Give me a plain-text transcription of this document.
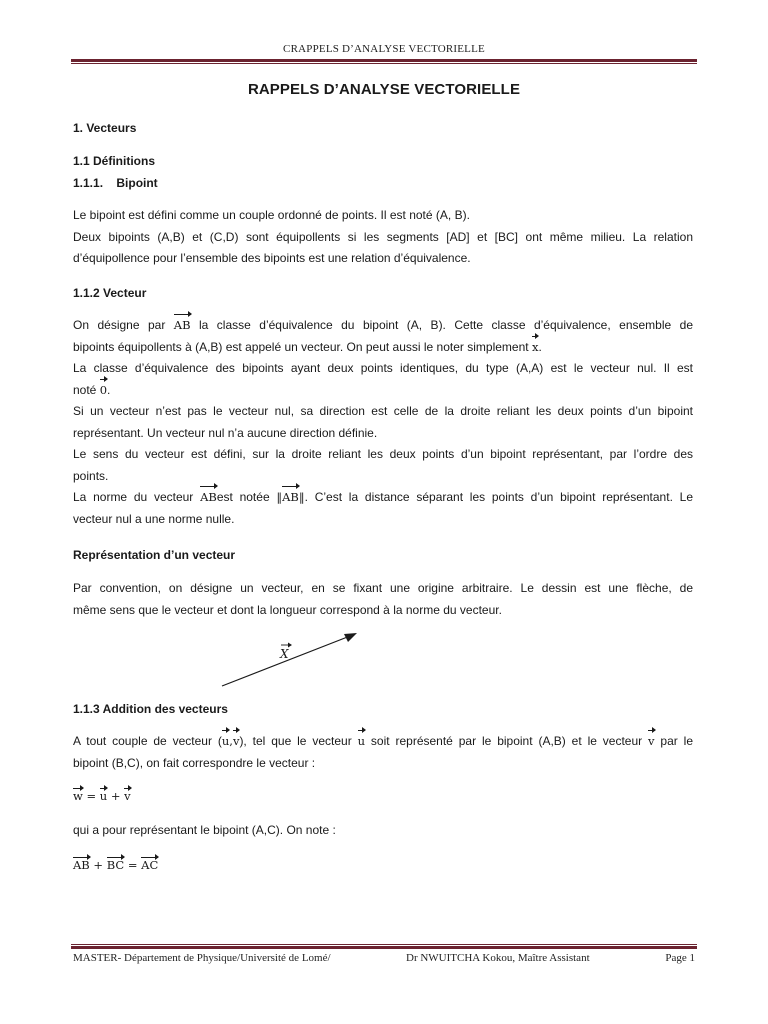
CRAPPELS D’ANALYSE VECTORIELLE
RAPPELS D’ANALYSE VECTORIELLE
1. Vecteurs
1.1 Définitions
1.1.1.    Bipoint
Le bipoint est défini comme un couple ordonné de points. Il est noté (A, B).
Deux bipoints (A,B) et (C,D) sont équipollents si les segments [AD] et [BC] ont même milieu. La relation
d’équipollence pour l’ensemble des bipoints est une relation d’équivalence.
1.1.2 Vecteur
On désigne par AB la classe d’équivalence du bipoint (A, B). Cette classe d’équivalence, ensemble de
bipoints équipollents à (A,B) est appelé un vecteur. On peut aussi le noter simplement x.
La classe d’équivalence des bipoints ayant deux points identiques, du type (A,A) est le vecteur nul. Il est
noté 0.
Si un vecteur n’est pas le vecteur nul, sa direction est celle de la droite reliant les deux points d’un bipoint
représentant. Un vecteur nul n’a aucune direction définie.
Le sens du vecteur est défini, sur la droite reliant les deux points d’un bipoint représentant, par l’ordre des
points.
La norme du vecteur ABest notée ‖AB‖. C’est la distance séparant les points d’un bipoint représentant. Le
vecteur nul a une norme nulle.
Représentation d’un vecteur
Par convention, on désigne un vecteur, en se fixant une origine arbitraire. Le dessin est une flèche, de
même sens que le vecteur et dont la longueur correspond à la norme du vecteur.
X
1.1.3 Addition des vecteurs
A tout couple de vecteur (u,v), tel que le vecteur u soit représenté par le bipoint (A,B) et le vecteur v par le
bipoint (B,C), on fait correspondre le vecteur :
w = u + v
qui a pour représentant le bipoint (A,C). On note :
AB + BC = AC
MASTER- Département de Physique/Université de Lomé/	Dr NWUITCHA Kokou, Maître Assistant	Page 1
